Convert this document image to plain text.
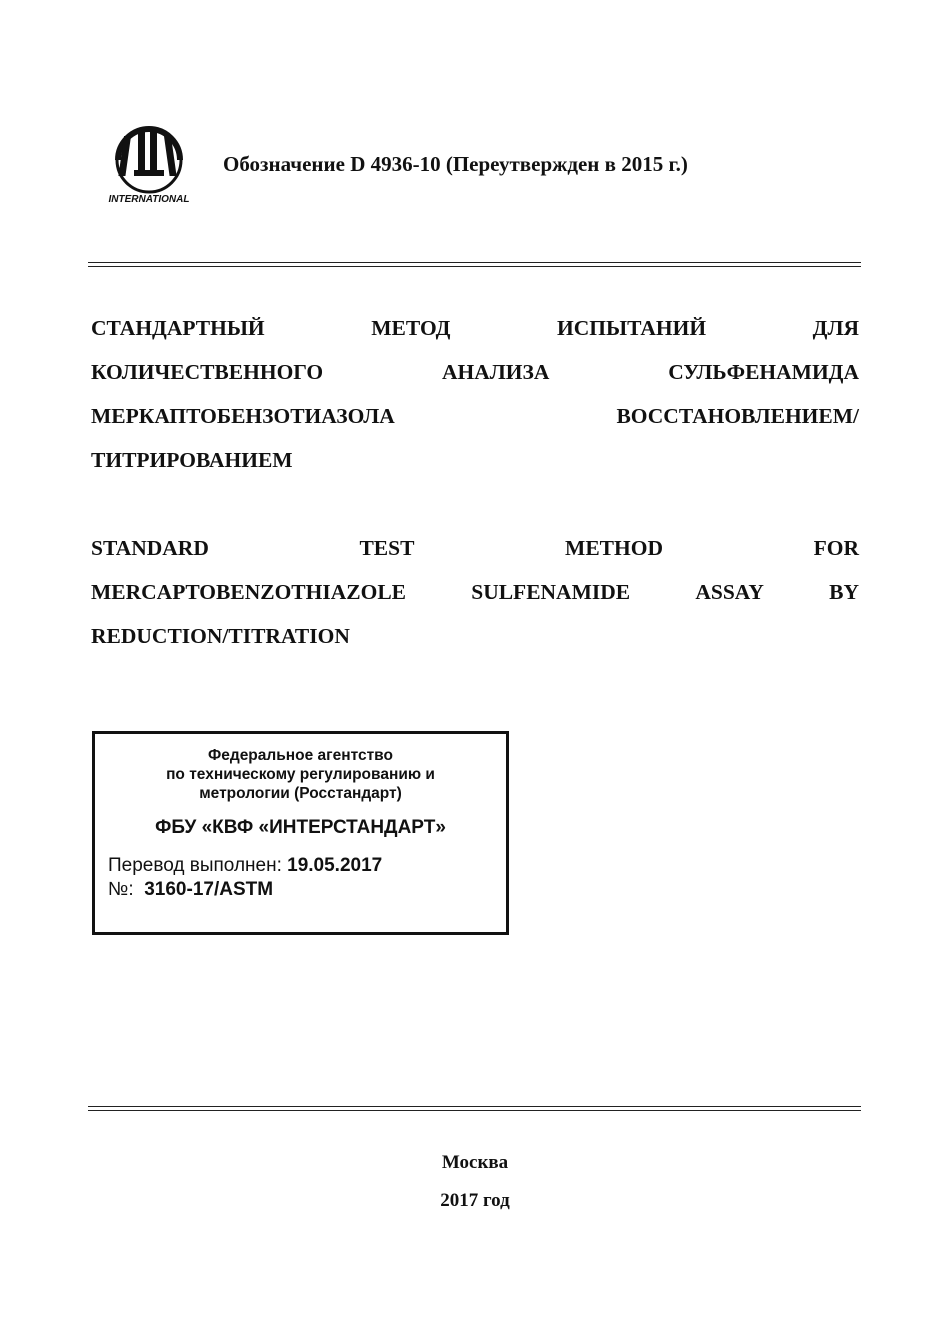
INTERNATIONAL
Обозначение D 4936-10 (Переутвержден в 2015 г.)
СТАНДАРТНЫЙ	МЕТОД	ИСПЫТАНИЙ	ДЛЯ
КОЛИЧЕСТВЕННОГО	АНАЛИЗА	СУЛЬФЕНАМИДА
МЕРКАПТОБЕНЗОТИАЗОЛА	ВОССТАНОВЛЕНИЕМ/
ТИТРИРОВАНИЕМ
STANDARD	TEST	METHOD	FOR
MERCAPTOBENZOTHIAZOLE	SULFENAMIDE	ASSAY	BY
REDUCTION/TITRATION
Федеральное агентство
по техническому регулированию и
метрологии (Росстандарт)
ФБУ «КВФ «ИНТЕРСТАНДАРТ»
Перевод выполнен: 19.05.2017
№:  3160-17/ASTM
Москва
2017 год
